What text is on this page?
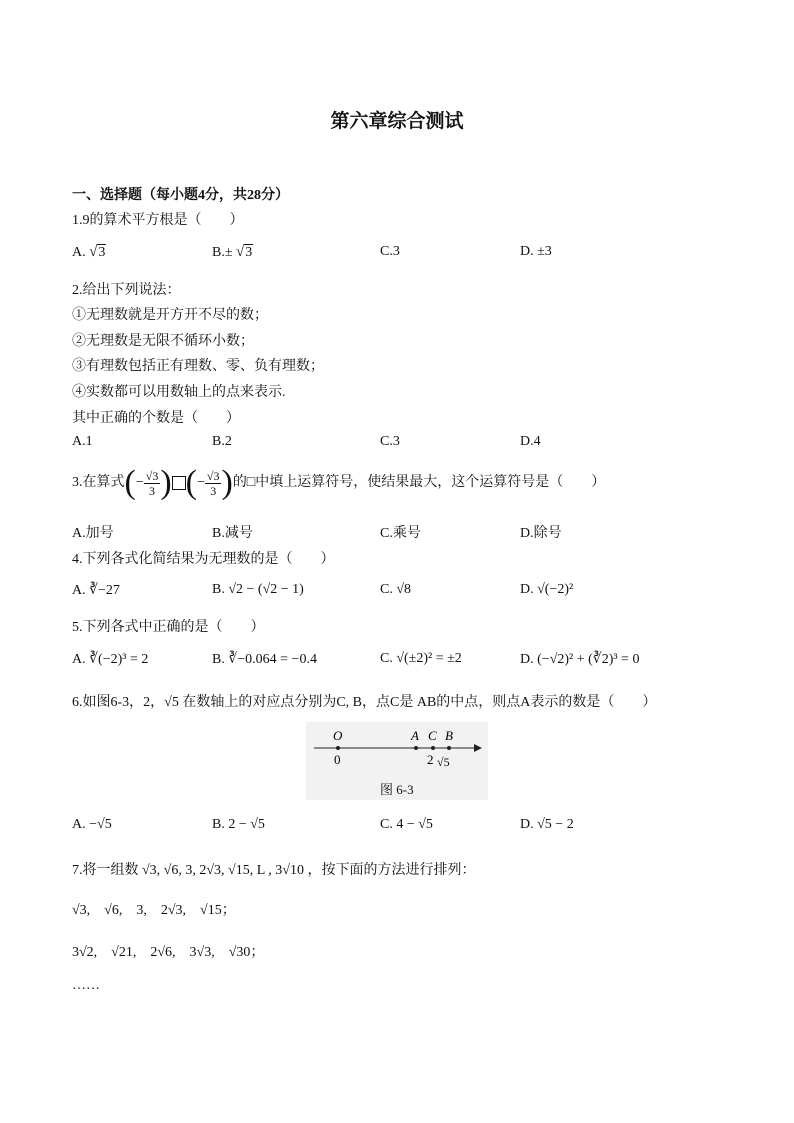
第六章综合测试
一、选择题（每小题4分，共28分）
1.9的算术平方根是（　　）
A. √3	B.± √3	C.3	D. ±3
2.给出下列说法：
①无理数就是开方开不尽的数；
②无理数是无限不循环小数；
③有理数包括正有理数、零、负有理数；
④实数都可以用数轴上的点来表示.
其中正确的个数是（　　）
A.1	B.2	C.3	D.4
3.在算式(− $\frac{√3}{3}$ ) (− $\frac{√3}{3}$ )的□中填上运算符号，使结果最大，这个运算符号是（　　）
A.加号	B.减号	C.乘号	D.除号
4.下列各式化简结果为无理数的是（　　）
A. ∛−27	B. √2 − (√2 − 1)	C. √8	D. √(−2)²
5.下列各式中正确的是（　　）
A. ∛(−2)³ = 2	B. ∛−0.064 = −0.4	C. √(±2)² = ±2	D. (−√2)² + (∛2)³ = 0
6.如图6-3，2，√5 在数轴上的对应点分别为C, B，点C是 AB的中点，则点A表示的数是（　　）
O	A C B
0	2 √5
图 6-3
A. −√5	B. 2 − √5	C. 4 − √5	D. √5 − 2
7.将一组数 √3, √6, 3, 2√3, √15, L , 3√10 ，按下面的方法进行排列：
√3,　√6,　3,　2√3,　√15；
3√2,　√21,　2√6,　3√3,　√30；
……
